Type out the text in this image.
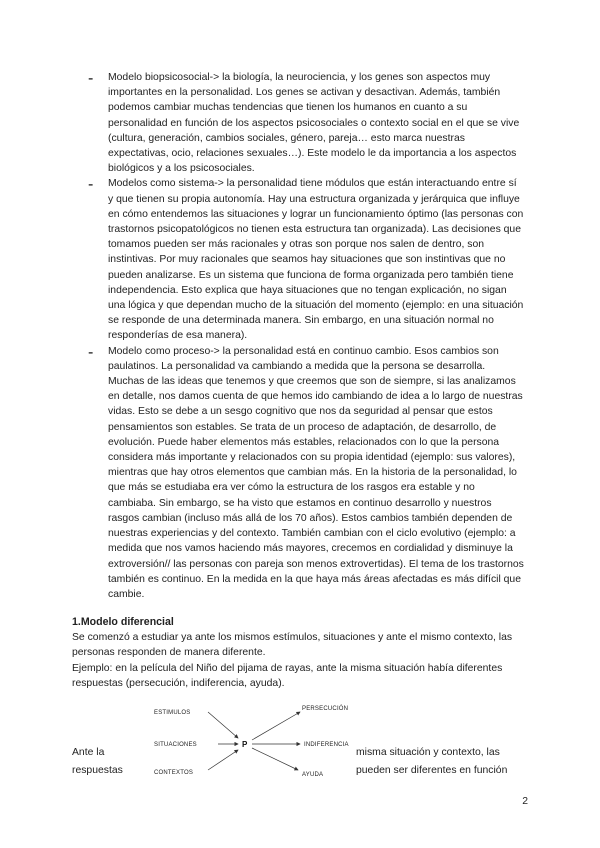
- Modelo biopsicosocial-> la biología, la neurociencia, y los genes son aspectos muy importantes en la personalidad. Los genes se activan y desactivan. Además, también podemos cambiar muchas tendencias que tienen los humanos en cuanto a su personalidad en función de los aspectos psicosociales o contexto social en el que se vive (cultura, generación, cambios sociales, género, pareja… esto marca nuestras expectativas, ocio, relaciones sexuales…). Este modelo le da importancia a los aspectos biológicos y a los psicosociales.
- Modelos como sistema-> la personalidad tiene módulos que están interactuando entre sí y que tienen su propia autonomía. Hay una estructura organizada y jerárquica que influye en cómo entendemos las situaciones y lograr un funcionamiento óptimo (las personas con trastornos psicopatológicos no tienen esta estructura tan organizada). Las decisiones que tomamos pueden ser más racionales y otras son porque nos salen de dentro, son instintivas. Por muy racionales que seamos hay situaciones que son instintivas que no pueden analizarse. Es un sistema que funciona de forma organizada pero también tiene independencia. Esto explica que haya situaciones que no tengan explicación, no sigan una lógica y que dependan mucho de la situación del momento (ejemplo: en una situación se responde de una determinada manera. Sin embargo, en una situación normal no responderías de esa manera).
- Modelo como proceso-> la personalidad está en continuo cambio. Esos cambios son paulatinos. La personalidad va cambiando a medida que la persona se desarrolla. Muchas de las ideas que tenemos y que creemos que son de siempre, si las analizamos en detalle, nos damos cuenta de que hemos ido cambiando de idea a lo largo de nuestras vidas. Esto se debe a un sesgo cognitivo que nos da seguridad al pensar que estos pensamientos son estables. Se trata de un proceso de adaptación, de desarrollo, de evolución. Puede haber elementos más estables, relacionados con lo que la persona considera más importante y relacionados con su propia identidad (ejemplo: sus valores), mientras que hay otros elementos que cambian más. En la historia de la personalidad, lo que más se estudiaba era ver cómo la estructura de los rasgos era estable y no cambiaba. Sin embargo, se ha visto que estamos en continuo desarrollo y nuestros rasgos cambian (incluso más allá de los 70 años). Estos cambios también dependen de nuestras experiencias y del contexto. También cambian con el ciclo evolutivo (ejemplo: a medida que nos vamos haciendo más mayores, crecemos en cordialidad y disminuye la extroversión// las personas con pareja son menos extrovertidas). El tema de los trastornos también es continuo. En la medida en la que haya más áreas afectadas es más difícil que cambie.
1.Modelo diferencial

Se comenzó a estudiar ya ante los mismos estímulos, situaciones y ante el mismo contexto, las personas responden de manera diferente.

Ejemplo: en la película del Niño del pijama de rayas, ante la misma situación había diferentes respuestas (persecución, indiferencia, ayuda).

ESTIMULOS
SITUACIONES
CONTEXTOS
P
PERSECUCIÓN
INDIFERENCIA
AYUDA
Ante la
respuestas
misma situación y contexto, las
pueden ser diferentes en función
2
